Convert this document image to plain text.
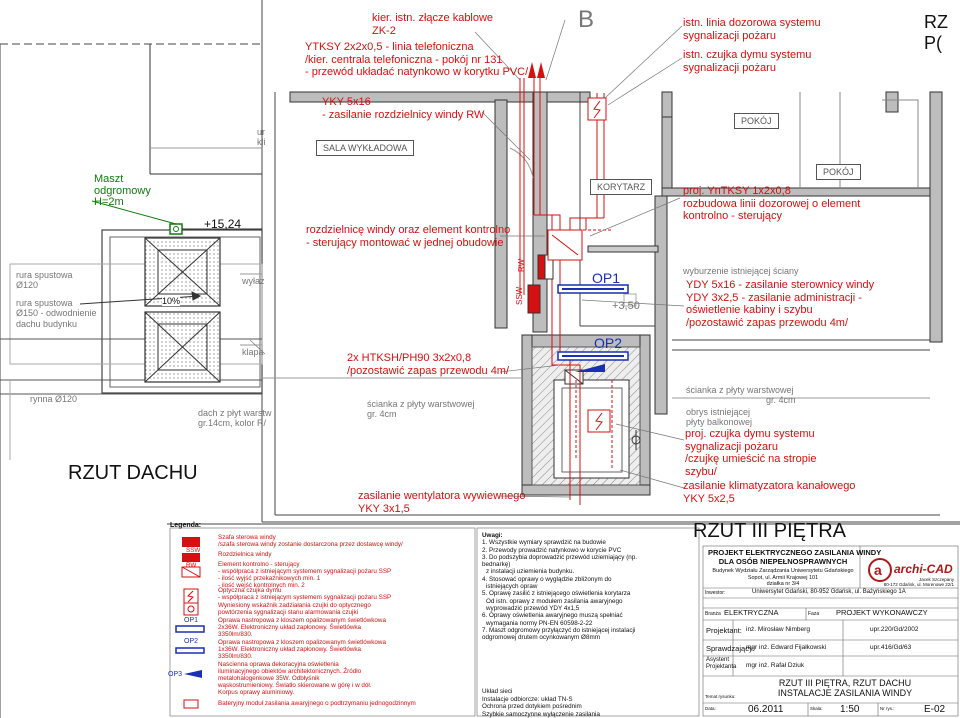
a
kier. istn. złącze kablowe
ZK-2
YTKSY 2x2x0,5 - linia telefoniczna
/kier. centrala telefoniczna - pokój nr 131
- przewód układać natynkowo w korytku PVC/
B	istn. linia dozorowa systemu
sygnalizacji pożaru
istn. czujka dymu systemu
sygnalizacji pożaru
RZ
P(
YKY 5x16
- zasilanie rozdzielnicy windy RW
SALA WYKŁADOWA
POKÓJ
POKÓJ
KORYTARZ
ur
kli
Maszt
odgromowy
H=2m
+15,24
rura spustowa
Ø120
rura spustowa
Ø150 - odwodnienie
dachu budynku
10%
wyłaz
klapa
rynna Ø120
dach z płyt warstw
gr.14cm, kolor R/
RZUT DACHU
rozdzielnicę windy oraz element kontrolno
- sterujący montować w jednej obudowie
proj. YnTKSY 1x2x0,8
rozbudowa linii dozorowej o element
kontrolno - sterujący
wyburzenie istniejącej ściany
YDY 5x16 - zasilanie sterownicy windy
YDY 3x2,5 - zasilanie administracji -
oświetlenie kabiny i szybu
/pozostawić zapas przewodu 4m/
OP1
OP2
+3,50
SSW
RW
2x HTKSH/PH90 3x2x0,8
/pozostawić zapas przewodu 4m/
ścianka z płyty warstwowej
gr. 4cm
ścianka z płyty warstwowej
gr. 4cm
obrys istniejącej
płyty balkonowej
proj. czujka dymu systemu
sygnalizacji pożaru
/czujkę umieścić na stropie
szybu/
zasilanie klimatyzatora kanałowego
YKY 5x2,5
zasilanie wentylatora wywiewnego
YKY 3x1,5
RZUT III PIĘTRA
Legenda:
SSW
RW
OP1
OP2
OP3
Szafa sterowa windy
/szafa sterowa windy zostanie dostarczona przez dostawcę windy/
Rozdzielnica windy
Element kontrolno - sterujący
- współpraca z istniejącym systemem sygnalizacji pożaru SSP
- ilość wyjść przekaźnikowych min. 1
- ilość wejść kontrolnych min. 2
Optyczna czujka dymu
- współpraca z istniejącym systemem sygnalizacji pożaru SSP
Wyniesiony wskaźnik zadziałania czujki do optycznego
powtórzenia sygnalizacji stanu alarmowania czujki
Oprawa nastropowa z kloszem opalizowanym świetlówkowa
2x36W. Elektroniczny układ zapłonowy. Świetlówka
3350lm/830.
Oprawa nastropowa z kloszem opalizowanym świetlówkowa
1x36W. Elektroniczny układ zapłonowy. Świetlówka
3350lm/830.
Naścienna oprawa dekoracyjna oświetlenia
iluminacyjnego obiektów architektonicznych. Źródło
metalohalogenkowe 35W. Odbłyśnik
wąskostrumieniowy. Światło skierowane w górę i w dół.
Korpus oprawy aluminiowy.
Bateryjny moduł zasilania awaryjnego o podtrzymaniu jednogodzinnym
Uwagi:
1. Wszystkie wymiary sprawdzić na budowie
2. Przewody prowadzić natynkowo w korycie PVC
3. Do podszybia doprowadzić przewód uziemiający (np.
bednarkę)
z instalacji uziemienia budynku.
4. Stosować oprawy o wyglądzie zbliżonym do
istniejących opraw
5. Oprawę zasilić z istniejącego oświetlenia korytarza
Od istn. oprawy z modułem zasilania awaryjnego
wyprowadzić przewód YDY 4x1,5
6. Oprawy oświetlenia awaryjnego muszą spełniać
wymagania normy PN-EN 60598-2-22
7. Maszt odgromowy przyłączyć do istniejącej instalacji
odgromowej drutem ocynkowanym Ø8mm
Układ sieci
Instalacje odbiorcze: układ TN-S
Ochrona przed dotykiem pośrednim
Szybkie samoczynne wyłączenie zasilania
PROJEKT ELEKTRYCZNEGO ZASILANIA WINDY
DLA OSÓB NIEPEŁNOSPRAWNYCH
Budynek Wydziału Zarządzania Uniwersytetu Gdańskiego
Sopot, ul. Armii Krajowej 101
działka nr 3/4
archi-CAD
Jacek Szczepany
80-172 Gdańsk, ul. Morenowe 22/1
Inwestor:	Uniwersytet Gdański, 80-952 Gdańsk, ul. Bażyńskiego 1A
Branża ELEKTRYCZNA	Faza PROJEKT WYKONAWCZY
Projektant: inż. Mirosław Nimberg	upr.220/Gd/2002
Sprawdzający:
mgr inż. Edward Fijałkowski	upr.416/Gd/63
Asystent Projektanta mgr inż. Rafał Dziuk
Temat rysunku:
RZUT III PIĘTRA, RZUT DACHU
INSTALACJE ZASILANIA WINDY
Data:	06.2011	Skala: 1:50	Nr rys.:	E-02
